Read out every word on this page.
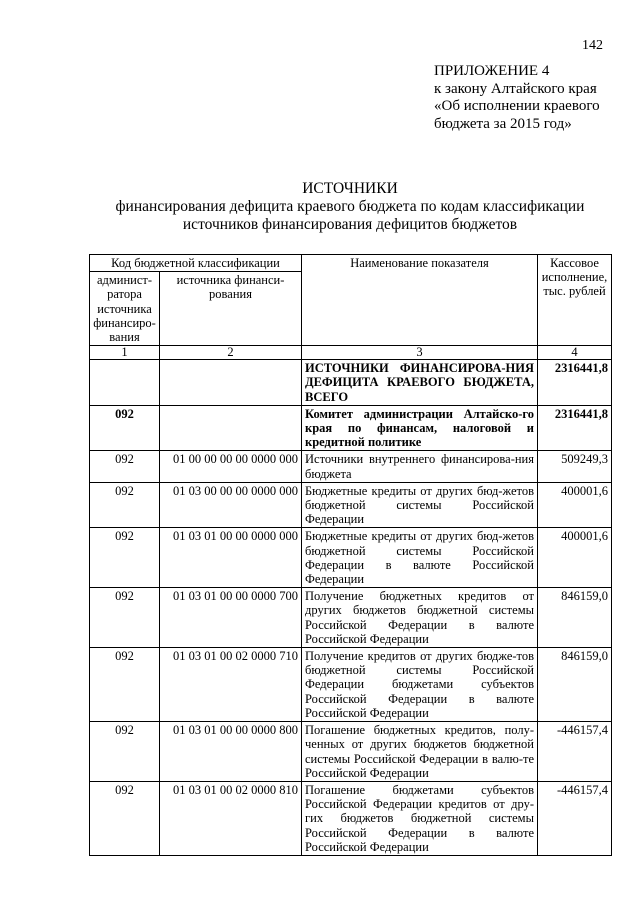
142
ПРИЛОЖЕНИЕ 4
к закону Алтайского края
«Об исполнении краевого
бюджета за 2015 год»
ИСТОЧНИКИ
финансирования дефицита краевого бюджета по кодам классификации
источников финансирования дефицитов бюджетов
Код бюджетной классификации		Наименование показателя	Кассовое исполнение, тыс. рублей
админист-ратора источника финансиро-вания	источника финанси-рования		
1	2	3	4
		ИСТОЧНИКИ ФИНАНСИРОВА-НИЯ ДЕФИЦИТА КРАЕВОГО БЮДЖЕТА, ВСЕГО	2316441,8
092		Комитет администрации Алтайско-го края по финансам, налоговой и кредитной политике	2316441,8
092	01 00 00 00 00 0000 000	Источники внутреннего финансирова-ния бюджета	509249,3
092	01 03 00 00 00 0000 000	Бюджетные кредиты от других бюд-жетов бюджетной системы Российской Федерации	400001,6
092	01 03 01 00 00 0000 000	Бюджетные кредиты от других бюд-жетов бюджетной системы Российской Федерации в валюте Российской Федерации	400001,6
092	01 03 01 00 00 0000 700	Получение бюджетных кредитов от других бюджетов бюджетной системы Российской Федерации в валюте Российской Федерации	846159,0
092	01 03 01 00 02 0000 710	Получение кредитов от других бюдже-тов бюджетной системы Российской Федерации бюджетами субъектов Российской Федерации в валюте Российской Федерации	846159,0
092	01 03 01 00 00 0000 800	Погашение бюджетных кредитов, полу-ченных от других бюджетов бюджетной системы Российской Федерации в валю-те Российской Федерации	-446157,4
092	01 03 01 00 02 0000 810	Погашение бюджетами субъектов Российской Федерации кредитов от дру-гих бюджетов бюджетной системы Российской Федерации в валюте Российской Федерации	-446157,4
